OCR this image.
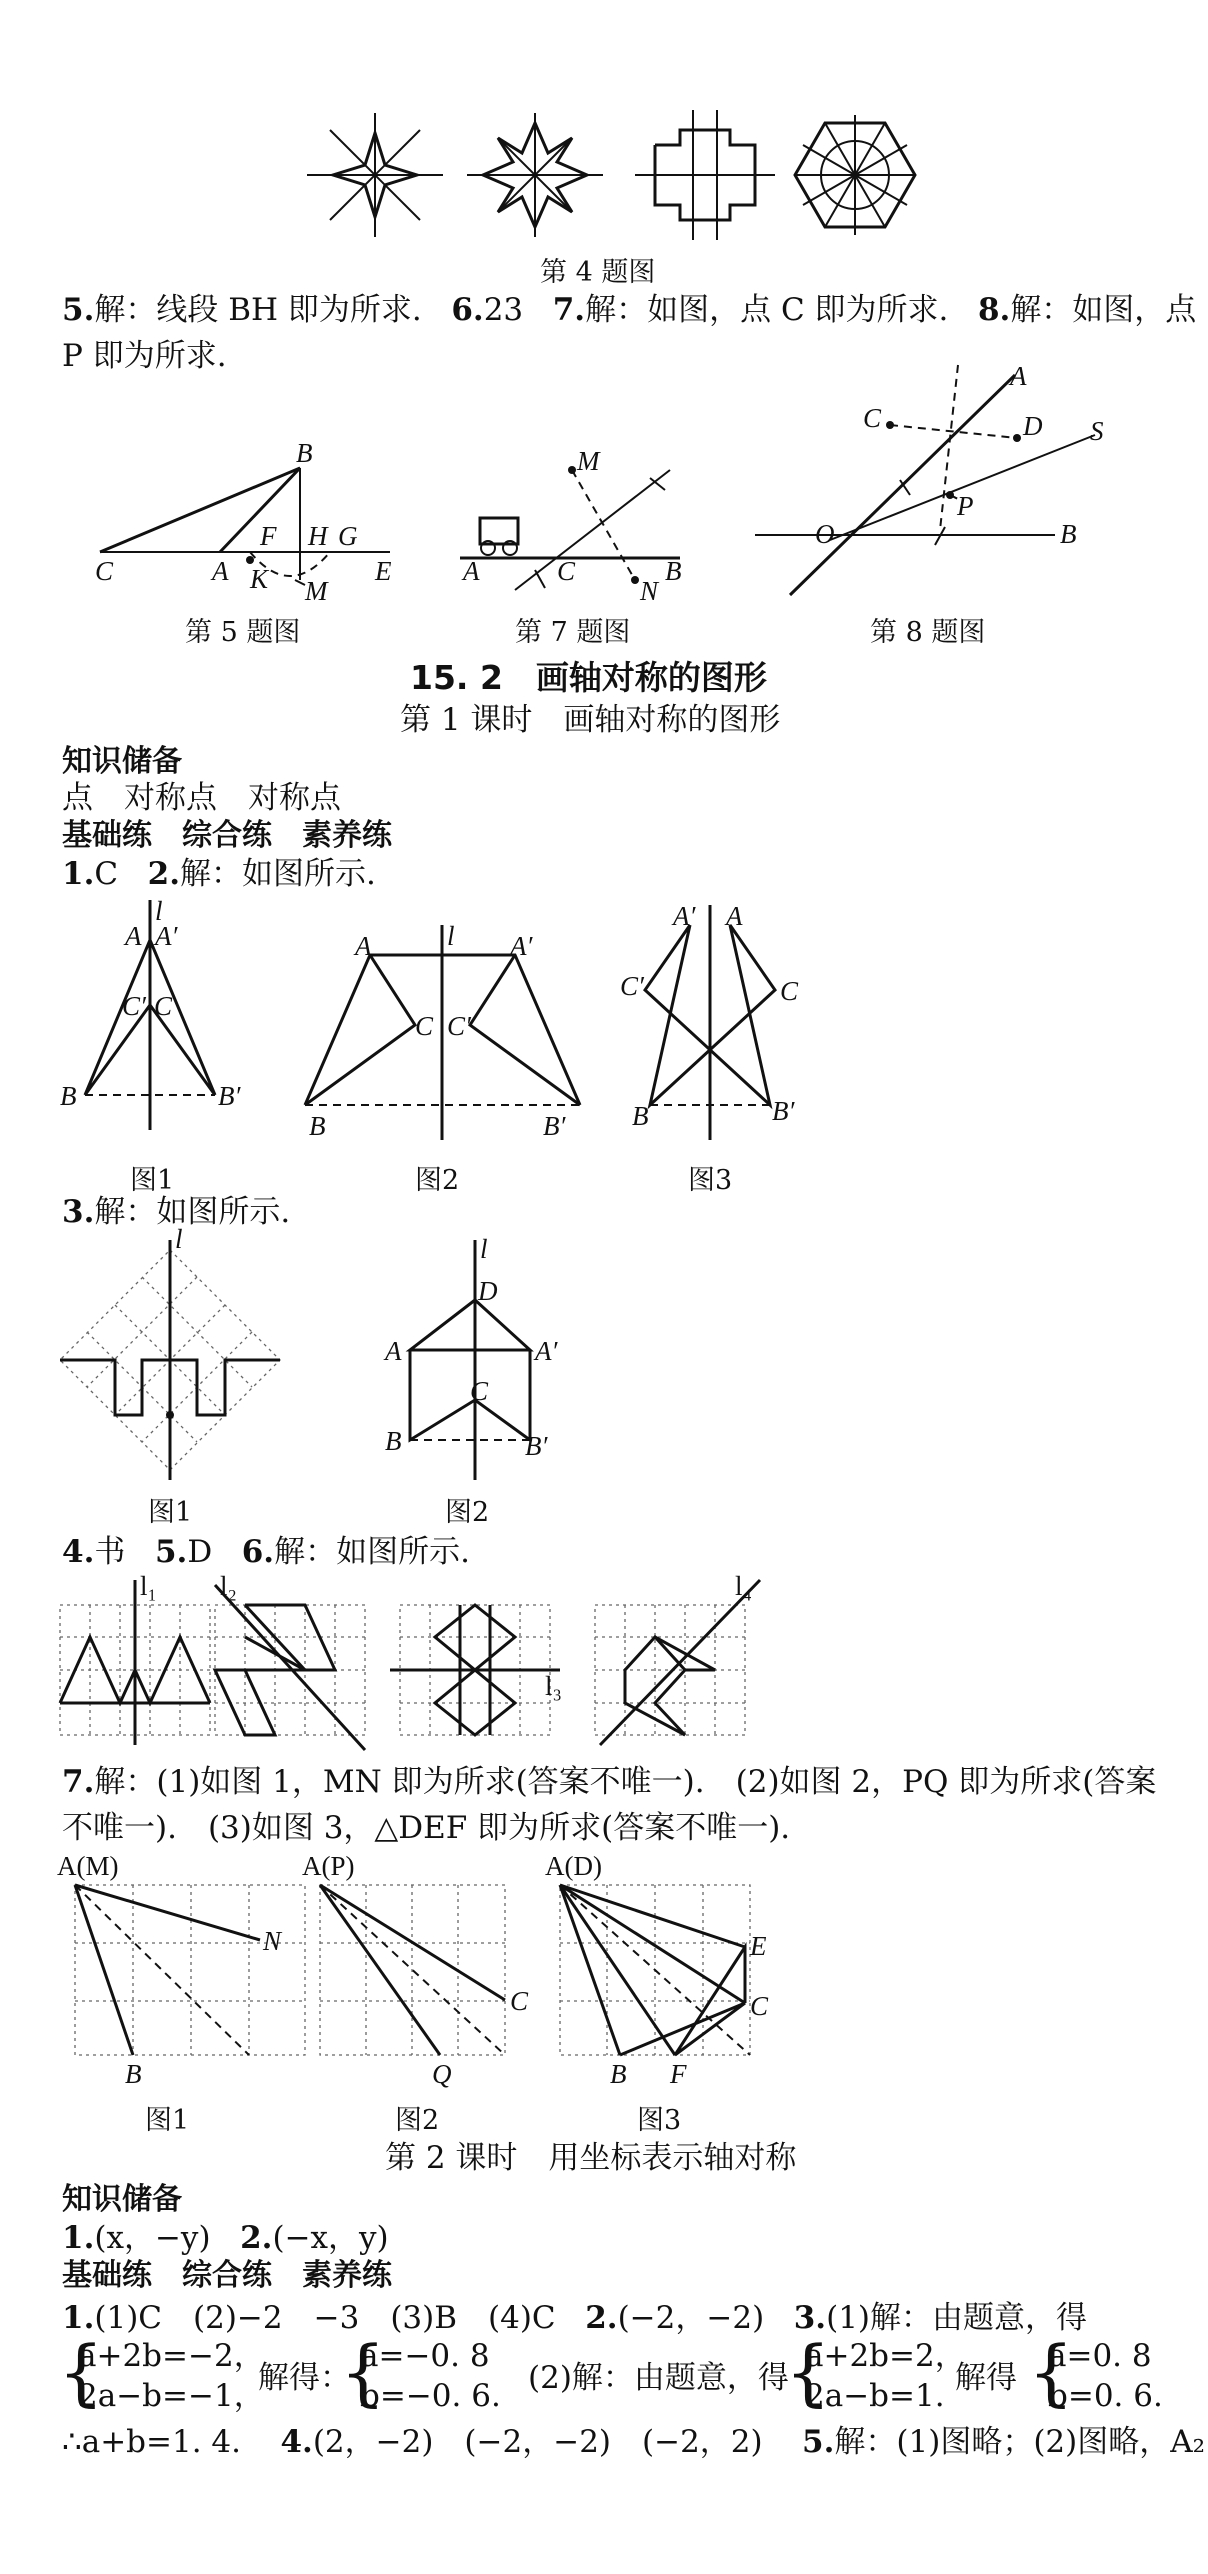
第 4 题图
5.解：线段 BH 即为所求. 6.23 7.解：如图，点 C 即为所求. 8.解：如图，点
P 即为所求.
B
C	A
F H G
K M
E
第 5 题图
M
A	C	B
N
第 7 题图
A
C	D S
O
P
B
第 8 题图
15. 2　画轴对称的图形
第 1 课时　画轴对称的图形
知识储备
点　对称点　对称点
基础练　综合练　素养练
1.C 2.解：如图所示.
l
A A′
C′ C
B	B′
图1
A	l A′
C C′
B	B′
图2
A′ A
C′	C
B	B′
图3
3.解：如图所示.
l
图1
l
D
A	A′
C
B	B′
图2
4.书 5.D 6.解：如图所示.
l₁ l₂
l₃
l₄
7.解：(1)如图 1，MN 即为所求(答案不唯一).　(2)如图 2，PQ 即为所求(答案
不唯一).　(3)如图 3，△DEF 即为所求(答案不唯一).
A(M)
N
B
图1
A(P)
C
Q
图2
A(D)
E
C
B F
图3
第 2 课时　用坐标表示轴对称
知识储备
1.(x，−y) 2.(−x，y)
基础练　综合练　素养练
1.(1)C　(2)−2　−3　(3)B　(4)C 2.(−2，−2) 3.(1)解：由题意，得
{
a+2b=−2，
2a−b=−1，
解得：
{
a=−0. 8
b=−0. 6. (2)解：由题意，得
{
a+2b=2，
2a−b=1. 解得 {
a=0. 8
b=0. 6.
∴a+b=1. 4. 4.(2，−2)　(−2，−2)　(−2，2) 5.解：(1)图略；(2)图略，A₂
